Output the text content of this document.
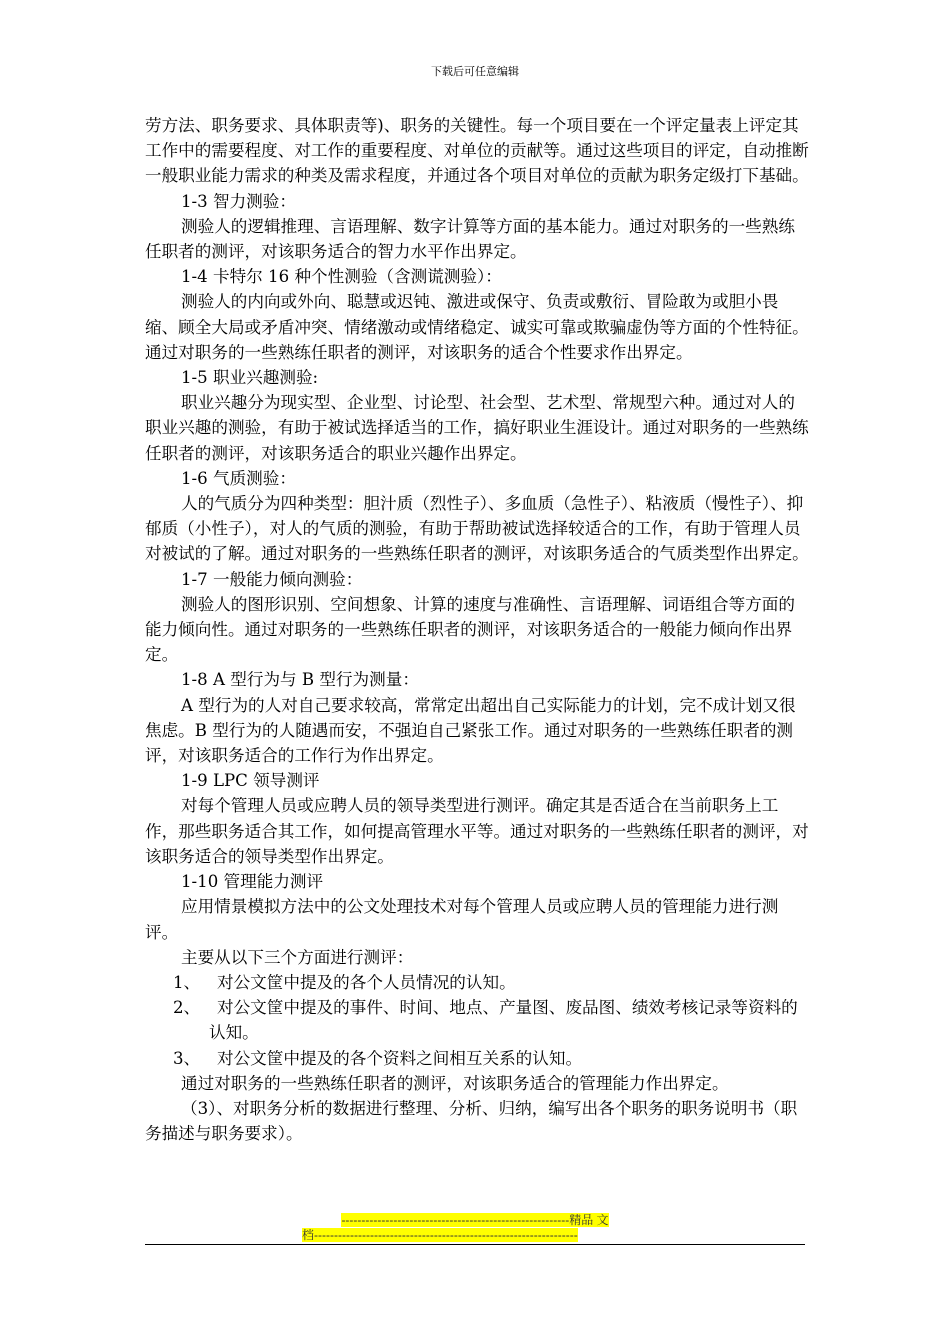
下载后可任意编辑

劳方法、职务要求、具体职责等)、职务的关键性。每一个项目要在一个评定量表上评定其工作中的需要程度、对工作的重要程度、对单位的贡献等。通过这些项目的评定，自动推断一般职业能力需求的种类及需求程度，并通过各个项目对单位的贡献为职务定级打下基础。

1-3 智力测验：

测验人的逻辑推理、言语理解、数字计算等方面的基本能力。通过对职务的一些熟练任职者的测评，对该职务适合的智力水平作出界定。

1-4 卡特尔 16 种个性测验（含测谎测验）：

测验人的内向或外向、聪慧或迟钝、激进或保守、负责或敷衍、冒险敢为或胆小畏缩、顾全大局或矛盾冲突、情绪激动或情绪稳定、诚实可靠或欺骗虚伪等方面的个性特征。通过对职务的一些熟练任职者的测评，对该职务的适合个性要求作出界定。

1-5 职业兴趣测验:

职业兴趣分为现实型、企业型、讨论型、社会型、艺术型、常规型六种。通过对人的职业兴趣的测验，有助于被试选择适当的工作，搞好职业生涯设计。通过对职务的一些熟练任职者的测评，对该职务适合的职业兴趣作出界定。

1-6 气质测验：

人的气质分为四种类型：胆汁质（烈性子）、多血质（急性子）、粘液质（慢性子）、抑郁质（小性子），对人的气质的测验，有助于帮助被试选择较适合的工作，有助于管理人员对被试的了解。通过对职务的一些熟练任职者的测评，对该职务适合的气质类型作出界定。

1-7 一般能力倾向测验：

测验人的图形识别、空间想象、计算的速度与准确性、言语理解、词语组合等方面的能力倾向性。通过对职务的一些熟练任职者的测评，对该职务适合的一般能力倾向作出界定。

1-8 A 型行为与 B 型行为测量：

A 型行为的人对自己要求较高，常常定出超出自己实际能力的计划，完不成计划又很焦虑。B 型行为的人随遇而安，不强迫自己紧张工作。通过对职务的一些熟练任职者的测评，对该职务适合的工作行为作出界定。

1-9 LPC 领导测评

对每个管理人员或应聘人员的领导类型进行测评。确定其是否适合在当前职务上工作，那些职务适合其工作，如何提高管理水平等。通过对职务的一些熟练任职者的测评，对该职务适合的领导类型作出界定。

1-10 管理能力测评

应用情景模拟方法中的公文处理技术对每个管理人员或应聘人员的管理能力进行测评。

主要从以下三个方面进行测评：

1、 对公文筐中提及的各个人员情况的认知。

2、 对公文筐中提及的事件、时间、地点、产量图、废品图、绩效考核记录等资料的认知。

3、 对公文筐中提及的各个资料之间相互关系的认知。

通过对职务的一些熟练任职者的测评，对该职务适合的管理能力作出界定。

（3）、对职务分析的数据进行整理、分析、归纳，编写出各个职务的职务说明书（职务描述与职务要求）。

---------------------------------------------------------精品 文
档------------------------------------------------------------------
